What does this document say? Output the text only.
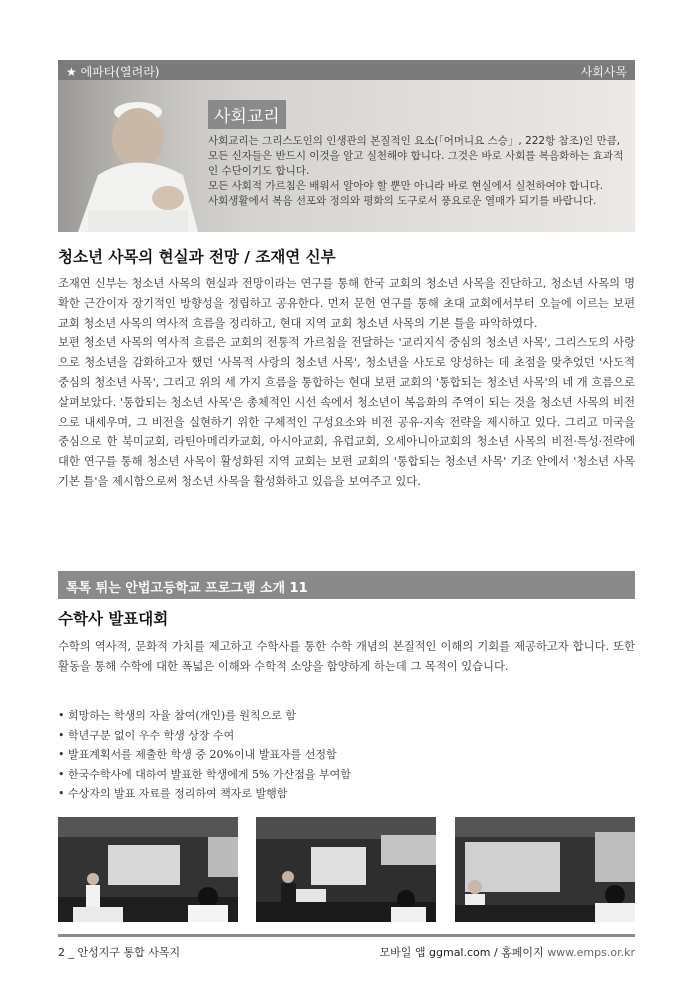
★ 에파타(열려라)	사회사목
사회교리

사회교리는 그리스도인의 인생관의 본질적인 요소(「어머니요 스승」, 222항 참조)인 만큼, 모든 신자들은 반드시 이것을 알고 실천해야 합니다. 그것은 바로 사회를 복음화하는 효과적인 수단이기도 합니다.

모든 사회적 가르침은 배워서 알아야 할 뿐만 아니라 바로 현실에서 실천하여야 합니다.

사회생활에서 복음 선포와 정의와 평화의 도구로서 풍요로운 열매가 되기를 바랍니다.

청소년 사목의 현실과 전망 / 조재연 신부

조재연 신부는 청소년 사목의 현실과 전망이라는 연구를 통해 한국 교회의 청소년 사목을 진단하고, 청소년 사목의 명확한 근간이자 장기적인 방향성을 정립하고 공유한다. 먼저 문헌 연구를 통해 초대 교회에서부터 오늘에 이르는 보편 교회 청소년 사목의 역사적 흐름을 정리하고, 현대 지역 교회 청소년 사목의 기본 틀을 파악하였다.

보편 청소년 사목의 역사적 흐름은 교회의 전통적 가르침을 전달하는 '교리지식 중심의 청소년 사목', 그리스도의 사랑으로 청소년을 감화하고자 했던 '사목적 사랑의 청소년 사목', 청소년을 사도로 양성하는 데 초점을 맞추었던 '사도적 중심의 청소년 사목', 그리고 위의 세 가지 흐름을 통합하는 현대 보편 교회의 '통합되는 청소년 사목'의 네 개 흐름으로 살펴보았다. '통합되는 청소년 사목'은 총체적인 시선 속에서 청소년이 복음화의 주역이 되는 것을 청소년 사목의 비전으로 내세우며, 그 비전을 실현하기 위한 구체적인 구성요소와 비전 공유·지속 전략을 제시하고 있다. 그리고 미국을 중심으로 한 북미교회, 라틴아메리카교회, 아시아교회, 유럽교회, 오세아니아교회의 청소년 사목의 비전·특성·전략에 대한 연구를 통해 청소년 사목이 활성화된 지역 교회는 보편 교회의 '통합되는 청소년 사목' 기조 안에서 '청소년 사목 기본 틀'을 제시함으로써 청소년 사목을 활성화하고 있음을 보여주고 있다.

톡톡 튀는 안법고등학교 프로그램 소개 11
수학사 발표대회

수학의 역사적, 문화적 가치를 제고하고 수학사를 통한 수학 개념의 본질적인 이해의 기회를 제공하고자 합니다. 또한 활동을 통해 수학에 대한 폭넓은 이해와 수학적 소양을 함양하게 하는데 그 목적이 있습니다.

• 희망하는 학생의 자율 참여(개인)를 원칙으로 함
• 학년구분 없이 우수 학생 상장 수여
• 발표계획서를 제출한 학생 중 20%이내 발표자를 선정함
• 한국수학사에 대하여 발표한 학생에게 5% 가산점을 부여함
• 수상자의 발표 자료를 정리하여 책자로 발행함
2 _ 안성지구 통합 사목지	모바일 앱 ggmal.com / 홈페이지 www.emps.or.kr
